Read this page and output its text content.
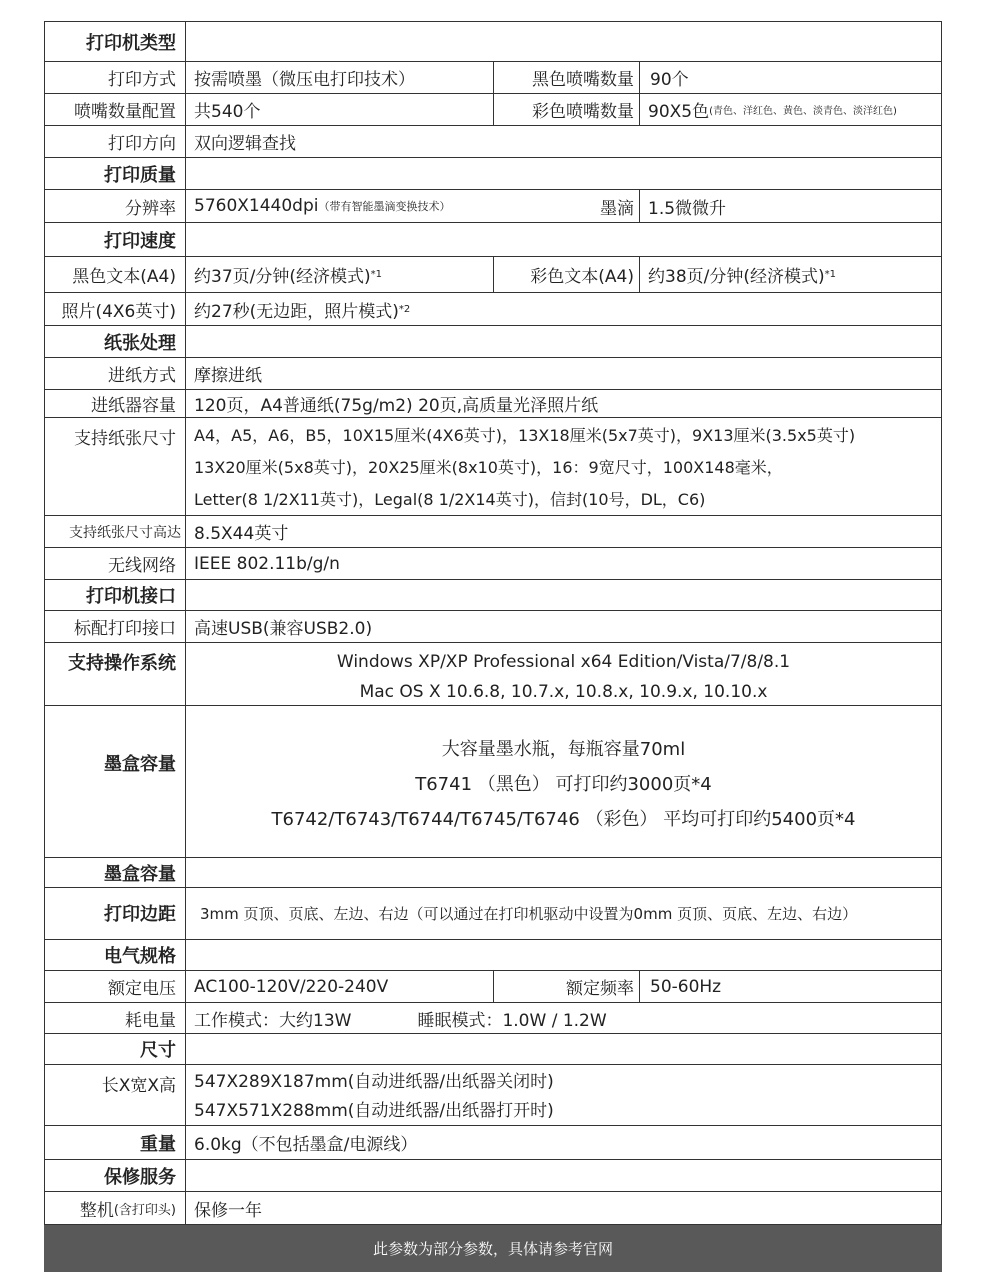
打印机类型
打印方式	按需喷墨（微压电打印技术）	黑色喷嘴数量 90个
喷嘴数量配置	共540个	彩色喷嘴数量 90X5色 (青色、洋红色、黄色、淡青色、淡洋红色)
打印方向	双向逻辑查找
打印质量
分辨率	5760X1440dpi （带有智能墨滴变换技术）	墨滴 1.5微微升
打印速度
黑色文本(A4)	约37页/分钟(经济模式) *1	彩色文本(A4) 约38页/分钟(经济模式) *1
照片(4X6英寸)	约27秒(无边距，照片模式) *2
纸张处理
进纸方式	摩擦进纸
进纸器容量	120页，A4普通纸(75g/m2) 20页,高质量光泽照片纸
支持纸张尺寸	A4，A5，A6，B5，10X15厘米(4X6英寸)，13X18厘米(5x7英寸)，9X13厘米(3.5x5英寸)
13X20厘米(5x8英寸)，20X25厘米(8x10英寸)，16：9宽尺寸，100X148毫米，
Letter(8 1/2X11英寸)，Legal(8 1/2X14英寸)，信封(10号，DL，C6)
支持纸张尺寸高达 8.5X44英寸
无线网络	IEEE 802.11b/g/n
打印机接口
标配打印接口	高速USB(兼容USB2.0)
支持操作系统	Windows XP/XP Professional x64 Edition/Vista/7/8/8.1
Mac OS X 10.6.8, 10.7.x, 10.8.x, 10.9.x, 10.10.x
墨盒容量
大容量墨水瓶，每瓶容量70ml
T6741 （黑色） 可打印约3000页*4
T6742/T6743/T6744/T6745/T6746 （彩色） 平均可打印约5400页*4
墨盒容量
打印边距	3mm 页顶、页底、左边、右边（可以通过在打印机驱动中设置为0mm 页顶、页底、左边、右边）
电气规格
额定电压	AC100-120V/220-240V	额定频率 50-60Hz
耗电量	工作模式：大约13W	睡眠模式：1.0W / 1.2W
尺寸
长X宽X高	547X289X187mm(自动进纸器/出纸器关闭时)
547X571X288mm(自动进纸器/出纸器打开时)
重量	6.0kg（不包括墨盒/电源线）
保修服务
整机 (含打印头)	保修一年
此参数为部分参数，具体请参考官网
